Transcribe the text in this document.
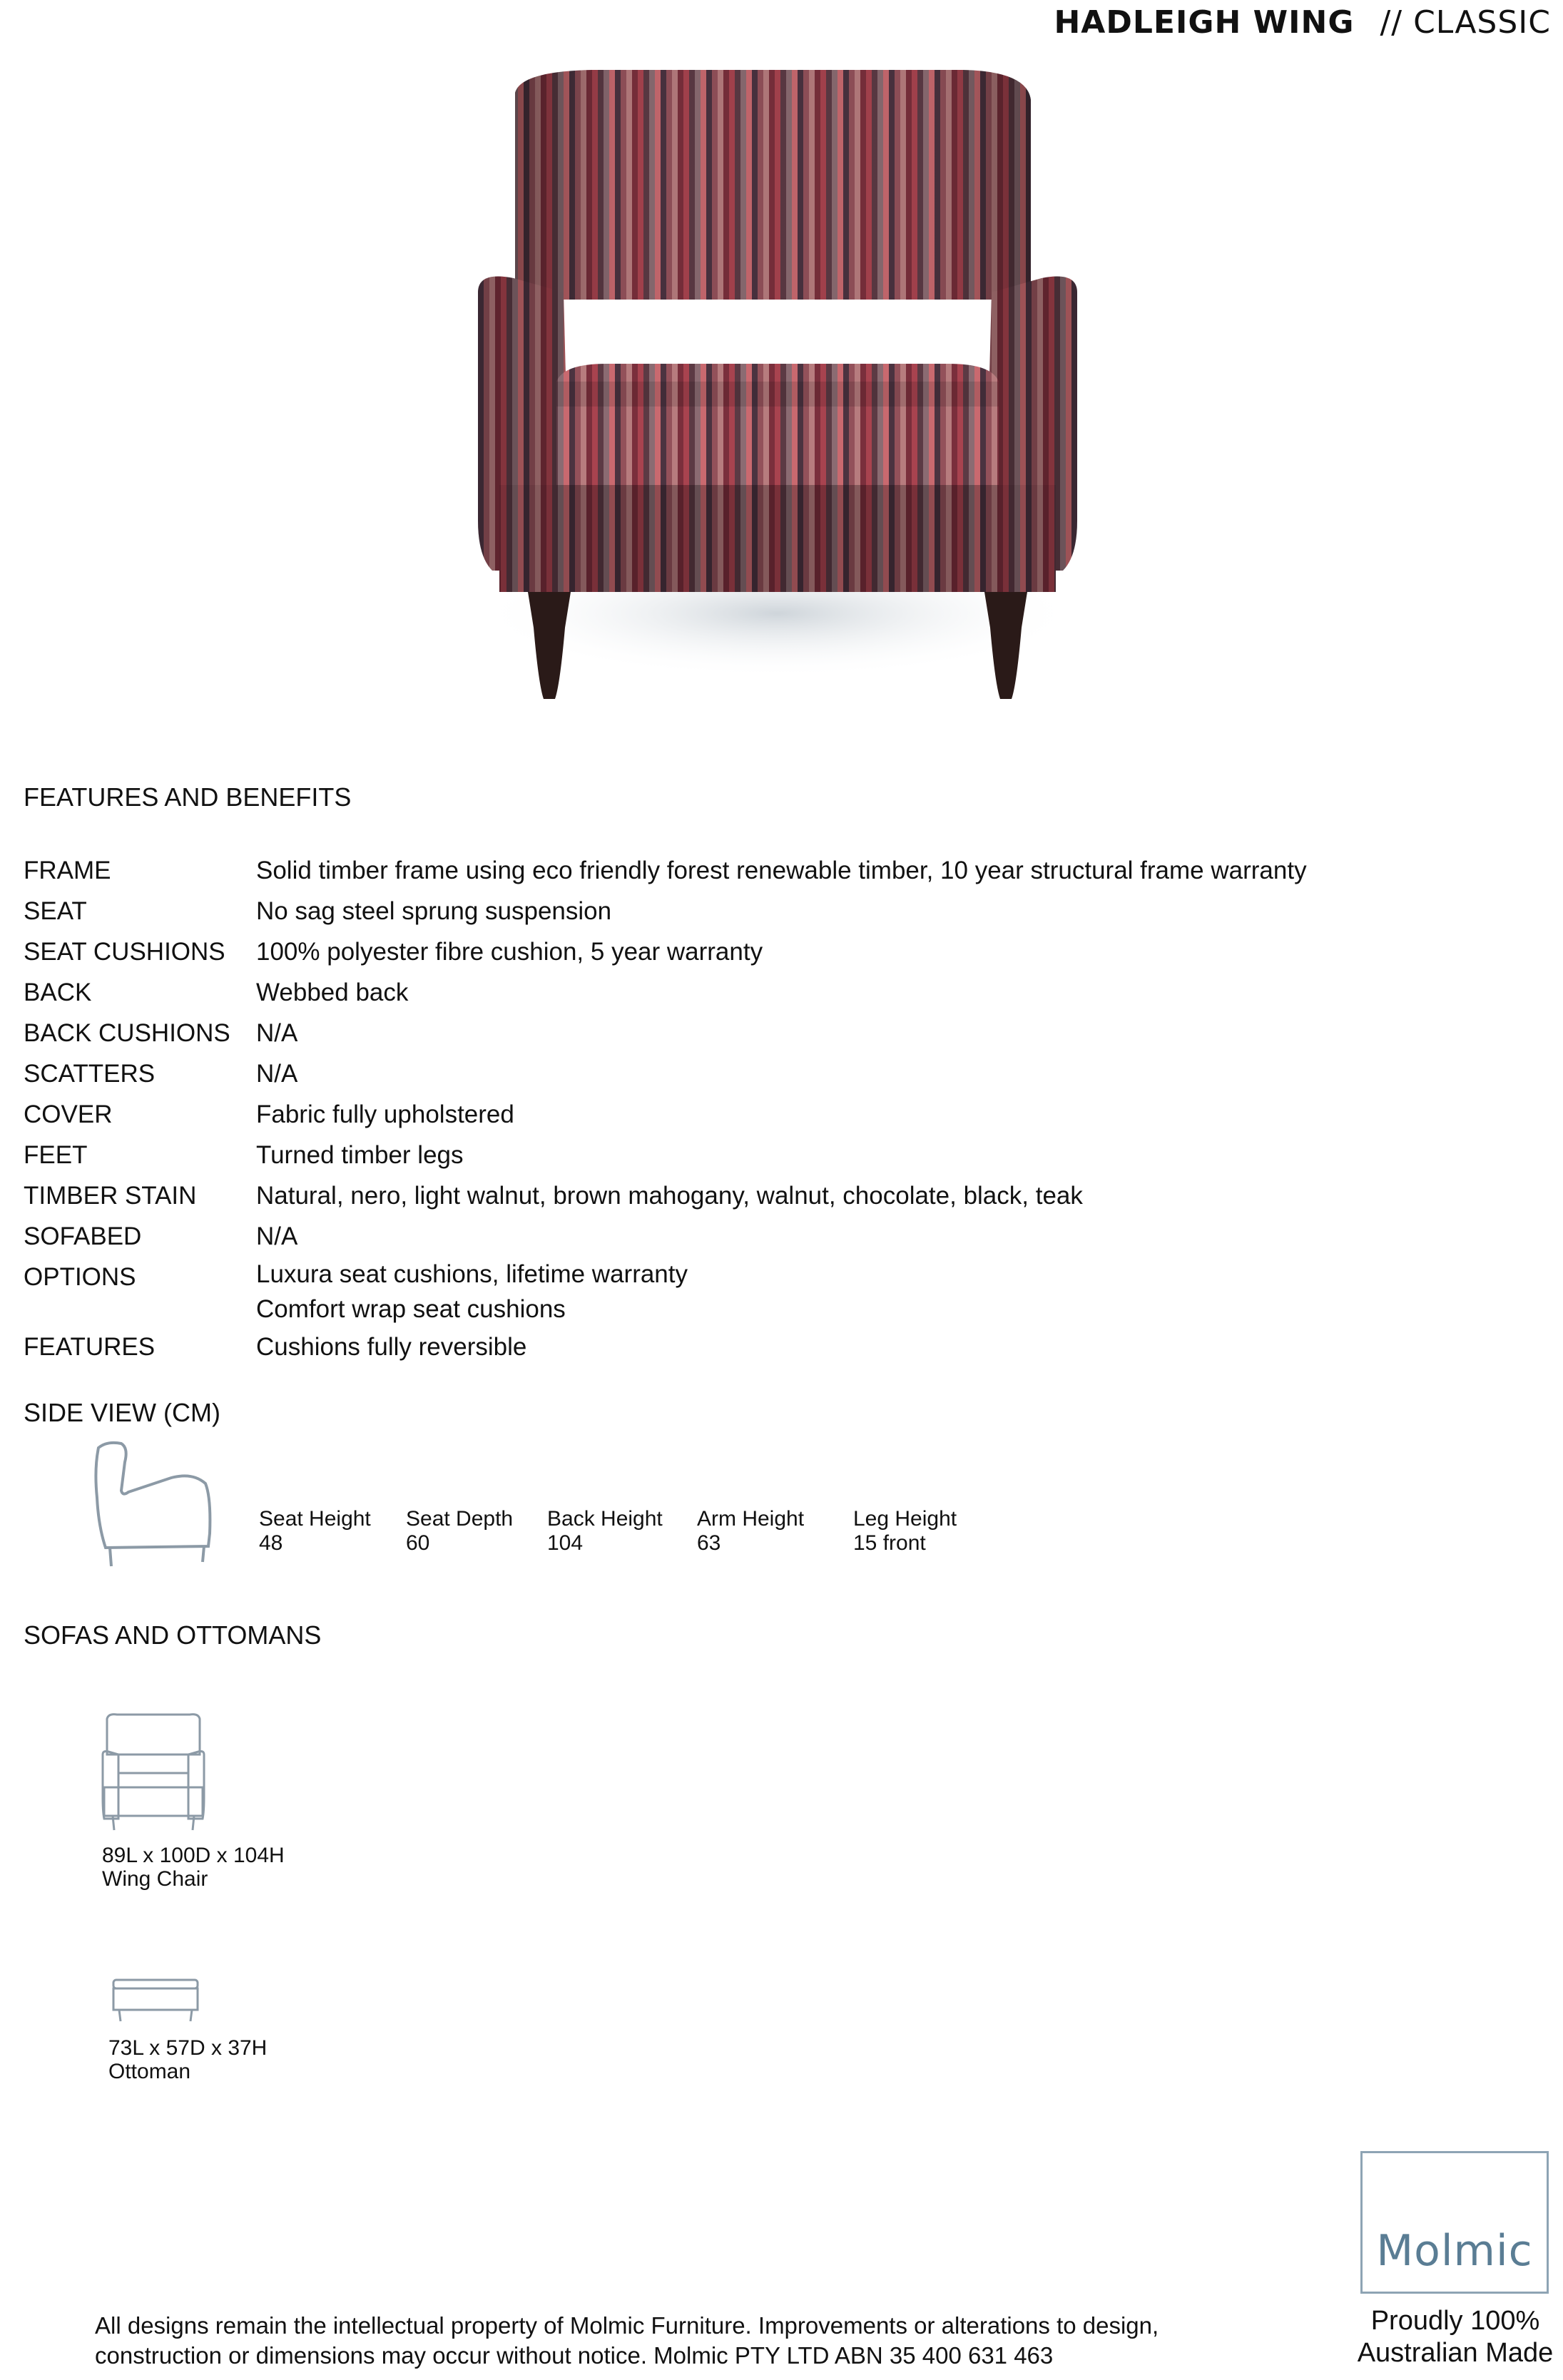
HADLEIGH WING // CLASSIC
FEATURES AND BENEFITS
FRAME	Solid timber frame using eco friendly forest renewable timber, 10 year structural frame warranty
SEAT	No sag steel sprung suspension
SEAT CUSHIONS	100% polyester fibre cushion, 5 year warranty
BACK	Webbed back
BACK CUSHIONS	N/A
SCATTERS	N/A
COVER	Fabric fully upholstered
FEET	Turned timber legs
TIMBER STAIN	Natural, nero, light walnut, brown mahogany, walnut, chocolate, black, teak
SOFABED	N/A
OPTIONS	Luxura seat cushions, lifetime warranty
Comfort wrap seat cushions
FEATURES	Cushions fully reversible
SIDE VIEW (CM)
Seat Height
48
Seat Depth
60
Back Height
104
Arm Height
63
Leg Height
15 front
SOFAS AND OTTOMANS
89L x 100D x 104H
Wing Chair
73L x 57D x 37H
Ottoman
All designs remain the intellectual property of Molmic Furniture. Improvements or alterations to design,
construction or dimensions may occur without notice. Molmic PTY LTD ABN 35 400 631 463
Molmic
Proudly 100%
Australian Made
